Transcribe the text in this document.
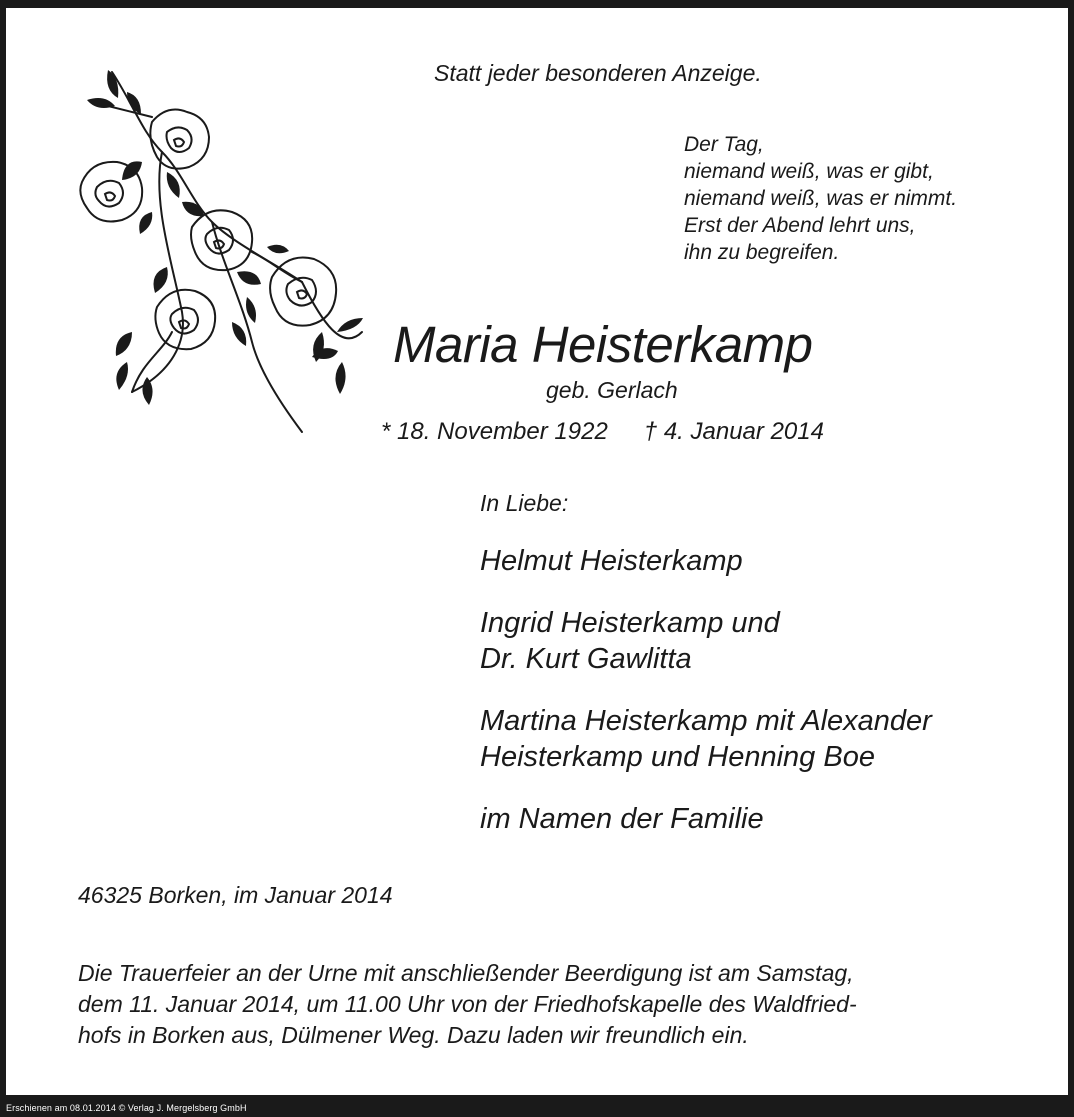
Statt jeder besonderen Anzeige.
Der Tag,
niemand weiß, was er gibt,
niemand weiß, was er nimmt.
Erst der Abend lehrt uns,
ihn zu begreifen.
Maria Heisterkamp
geb. Gerlach
* 18. November 1922 † 4. Januar 2014
In Liebe:
Helmut Heisterkamp
Ingrid Heisterkamp und
Dr. Kurt Gawlitta
Martina Heisterkamp mit Alexander
Heisterkamp und Henning Boe
im Namen der Familie
46325 Borken, im Januar 2014
Die Trauerfeier an der Urne mit anschließender Beerdigung ist am Samstag,
dem 11. Januar 2014, um 11.00 Uhr von der Friedhofskapelle des Waldfried-
hofs in Borken aus, Dülmener Weg. Dazu laden wir freundlich ein.
Erschienen am 08.01.2014 © Verlag J. Mergelsberg GmbH
